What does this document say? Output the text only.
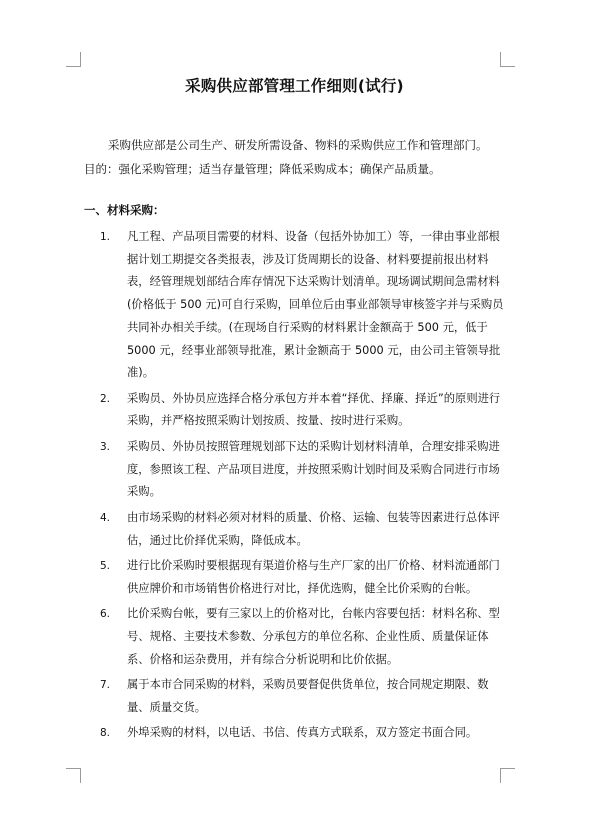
采购供应部管理工作细则(试行)

采购供应部是公司生产、研发所需设备、物料的采购供应工作和管理部门。

目的：强化采购管理；适当存量管理；降低采购成本；确保产品质量。

一、材料采购：
1. 凡工程、产品项目需要的材料、设备（包括外协加工）等，一律由事业部根据计划工期提交各类报表，涉及订货周期长的设备、材料要提前报出材料表，经管理规划部结合库存情况下达采购计划清单。现场调试期间急需材料(价格低于 500 元)可自行采购，回单位后由事业部领导审核签字并与采购员共同补办相关手续。(在现场自行采购的材料累计金额高于 500 元，低于 5000 元，经事业部领导批准，累计金额高于 5000 元，由公司主管领导批准)。
2. 采购员、外协员应选择合格分承包方并本着“择优、择廉、择近”的原则进行采购，并严格按照采购计划按质、按量、按时进行采购。
3. 采购员、外协员按照管理规划部下达的采购计划材料清单，合理安排采购进度，参照该工程、产品项目进度，并按照采购计划时间及采购合同进行市场采购。
4. 由市场采购的材料必须对材料的质量、价格、运输、包装等因素进行总体评估，通过比价择优采购，降低成本。
5. 进行比价采购时要根据现有渠道价格与生产厂家的出厂价格、材料流通部门供应牌价和市场销售价格进行对比，择优选购，健全比价采购的台帐。
6. 比价采购台帐，要有三家以上的价格对比，台帐内容要包括：材料名称、型号、规格、主要技术参数、分承包方的单位名称、企业性质、质量保证体系、价格和运杂费用，并有综合分析说明和比价依据。
7. 属于本市合同采购的材料，采购员要督促供货单位，按合同规定期限、数量、质量交货。
8. 外埠采购的材料，以电话、书信、传真方式联系，双方签定书面合同。
